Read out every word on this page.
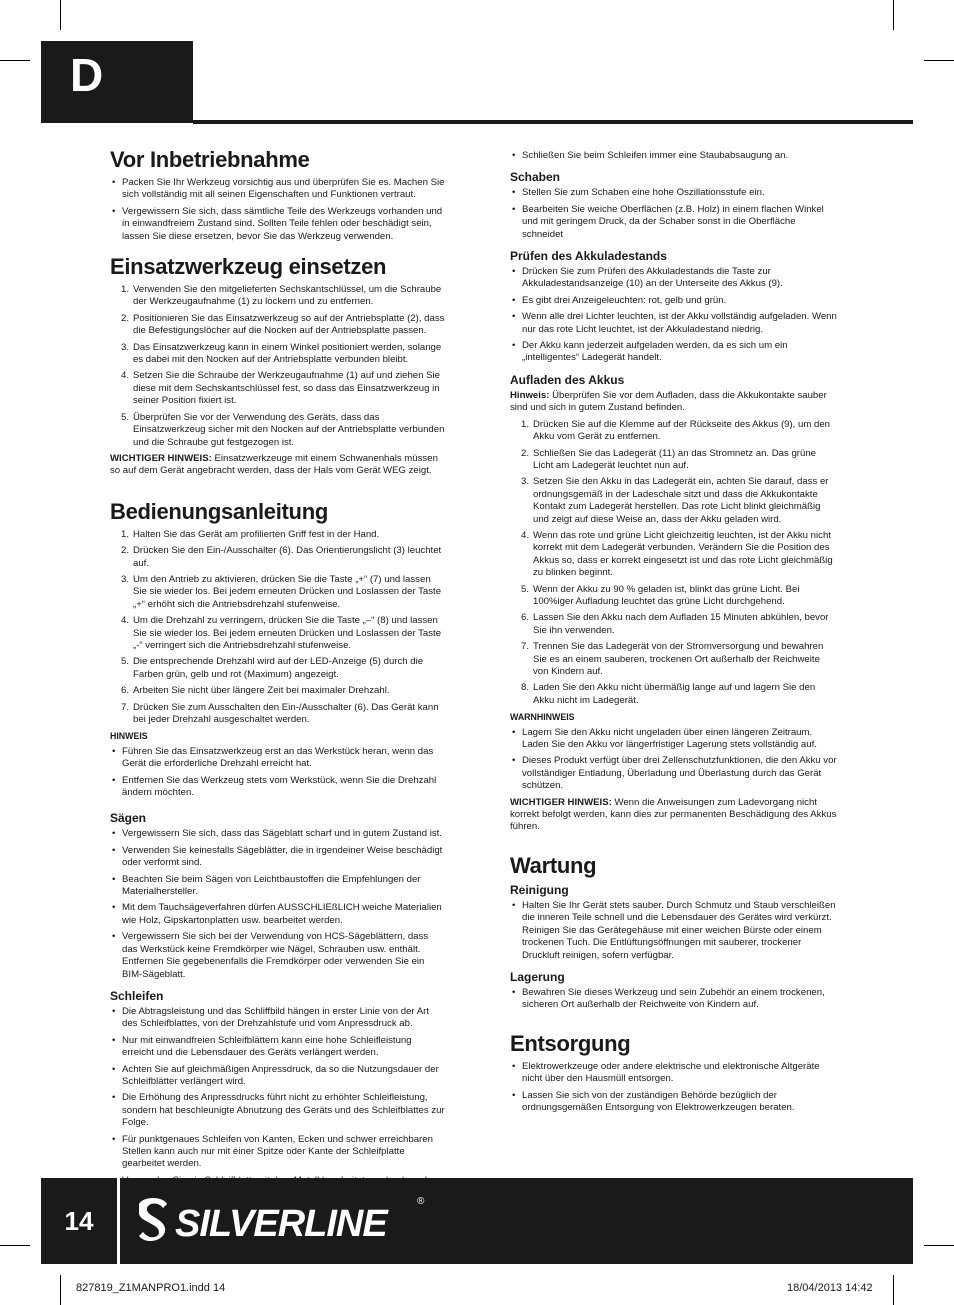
D
Vor Inbetriebnahme
• Packen Sie Ihr Werkzeug vorsichtig aus und überprüfen Sie es. Machen Sie sich vollständig mit all seinen Eigenschaften und Funktionen vertraut.
• Vergewissern Sie sich, dass sämtliche Teile des Werkzeugs vorhanden und in einwandfreiem Zustand sind. Sollten Teile fehlen oder beschädigt sein, lassen Sie diese ersetzen, bevor Sie das Werkzeug verwenden.
Einsatzwerkzeug einsetzen
1. Verwenden Sie den mitgelieferten Sechskantschlüssel, um die Schraube der Werkzeugaufnahme (1) zu lockern und zu entfernen.
2. Positionieren Sie das Einsatzwerkzeug so auf der Antriebsplatte (2), dass die Befestigungslöcher auf die Nocken auf der Antriebsplatte passen.
3. Das Einsatzwerkzeug kann in einem Winkel positioniert werden, solange es dabei mit den Nocken auf der Antriebsplatte verbunden bleibt.
4. Setzen Sie die Schraube der Werkzeugaufnahme (1) auf und ziehen Sie diese mit dem Sechskantschlüssel fest, so dass das Einsatzwerkzeug in seiner Position fixiert ist.
5. Überprüfen Sie vor der Verwendung des Geräts, dass das Einsatzwerkzeug sicher mit den Nocken auf der Antriebsplatte verbunden und die Schraube gut festgezogen ist.

WICHTIGER HINWEIS: Einsatzwerkzeuge mit einem Schwanenhals müssen so auf dem Gerät angebracht werden, dass der Hals vom Gerät WEG zeigt.

Bedienungsanleitung
1. Halten Sie das Gerät am profilierten Griff fest in der Hand.
2. Drücken Sie den Ein-/Ausschalter (6). Das Orientierungslicht (3) leuchtet auf.
3. Um den Antrieb zu aktivieren, drücken Sie die Taste „+“ (7) und lassen Sie sie wieder los. Bei jedem erneuten Drücken und Loslassen der Taste „+“ erhöht sich die Antriebsdrehzahl stufenweise.
4. Um die Drehzahl zu verringern, drücken Sie die Taste „–“ (8) und lassen Sie sie wieder los. Bei jedem erneuten Drücken und Loslassen der Taste „-“ verringert sich die Antriebsdrehzahl stufenweise.
5. Die entsprechende Drehzahl wird auf der LED-Anzeige (5) durch die Farben grün, gelb und rot (Maximum) angezeigt.
6. Arbeiten Sie nicht über längere Zeit bei maximaler Drehzahl.
7. Drücken Sie zum Ausschalten den Ein-/Ausschalter (6). Das Gerät kann bei jeder Drehzahl ausgeschaltet werden.
HINWEIS
• Führen Sie das Einsatzwerkzeug erst an das Werkstück heran, wenn das Gerät die erforderliche Drehzahl erreicht hat.
• Entfernen Sie das Werkzeug stets vom Werkstück, wenn Sie die Drehzahl ändern möchten.
Sägen
• Vergewissern Sie sich, dass das Sägeblatt scharf und in gutem Zustand ist.
• Verwenden Sie keinesfalls Sägeblätter, die in irgendeiner Weise beschädigt oder verformt sind.
• Beachten Sie beim Sägen von Leichtbaustoffen die Empfehlungen der Materialhersteller.
• Mit dem Tauchsägeverfahren dürfen AUSSCHLIEßLICH weiche Materialien wie Holz, Gipskartonplatten usw. bearbeitet werden.
• Vergewissern Sie sich bei der Verwendung von HCS-Sägeblättern, dass das Werkstück keine Fremdkörper wie Nägel, Schrauben usw. enthält. Entfernen Sie gegebenenfalls die Fremdkörper oder verwenden Sie ein BIM-Sägeblatt.
Schleifen
• Die Abtragsleistung und das Schliffbild hängen in erster Linie von der Art des Schleifblattes, von der Drehzahlstufe und vom Anpressdruck ab.
• Nur mit einwandfreien Schleifblättern kann eine hohe Schleifleistung erreicht und die Lebensdauer des Geräts verlängert werden.
• Achten Sie auf gleichmäßigen Anpressdruck, da so die Nutzungsdauer der Schleifblätter verlängert wird.
• Die Erhöhung des Anpressdrucks führt nicht zu erhöhter Schleifleistung, sondern hat beschleunigte Abnutzung des Geräts und des Schleifblattes zur Folge.
• Für punktgenaues Schleifen von Kanten, Ecken und schwer erreichbaren Stellen kann auch nur mit einer Spitze oder Kante der Schleifplatte gearbeitet werden.
•
• Schließen Sie beim Schleifen immer eine Staubabsaugung an.
Schaben
• Stellen Sie zum Schaben eine hohe Oszillationsstufe ein.
• Bearbeiten Sie weiche Oberflächen (z.B. Holz) in einem flachen Winkel und mit geringem Druck, da der Schaber sonst in die Oberfläche schneidet
Prüfen des Akkuladestands
• Drücken Sie zum Prüfen des Akkuladestands die Taste zur Akkuladestandsanzeige (10) an der Unterseite des Akkus (9).
• Es gibt drei Anzeigeleuchten: rot, gelb und grün.
• Wenn alle drei Lichter leuchten, ist der Akku vollständig aufgeladen. Wenn nur das rote Licht leuchtet, ist der Akkuladestand niedrig.
• Der Akku kann jederzeit aufgeladen werden, da es sich um ein „intelligentes“ Ladegerät handelt.
Aufladen des Akkus

Hinweis: Überprüfen Sie vor dem Aufladen, dass die Akkukontakte sauber sind und sich in gutem Zustand befinden.

1. Drücken Sie auf die Klemme auf der Rückseite des Akkus (9), um den Akku vom Gerät zu entfernen.
2. Schließen Sie das Ladegerät (11) an das Stromnetz an. Das grüne Licht am Ladegerät leuchtet nun auf.
3. Setzen Sie den Akku in das Ladegerät ein, achten Sie darauf, dass er ordnungsgemäß in der Ladeschale sitzt und dass die Akkukontakte Kontakt zum Ladegerät herstellen. Das rote Licht blinkt gleichmäßig und zeigt auf diese Weise an, dass der Akku geladen wird.
4. Wenn das rote und grüne Licht gleichzeitig leuchten, ist der Akku nicht korrekt mit dem Ladegerät verbunden. Verändern Sie die Position des Akkus so, dass er korrekt eingesetzt ist und das rote Licht gleichmäßig zu blinken beginnt.
5. Wenn der Akku zu 90 % geladen ist, blinkt das grüne Licht. Bei 100%iger Aufladung leuchtet das grüne Licht durchgehend.
6. Lassen Sie den Akku nach dem Aufladen 15 Minuten abkühlen, bevor Sie ihn verwenden.
7. Trennen Sie das Ladegerät von der Stromversorgung und bewahren Sie es an einem sauberen, trockenen Ort außerhalb der Reichweite von Kindern auf.
8. Laden Sie den Akku nicht übermäßig lange auf und lagern Sie den Akku nicht im Ladegerät.
WARNHINWEIS
• Lagern Sie den Akku nicht ungeladen über einen längeren Zeitraum. Laden Sie den Akku vor längerfristiger Lagerung stets vollständig auf.
• Dieses Produkt verfügt über drei Zellenschutzfunktionen, die den Akku vor vollständiger Entladung, Überladung und Überlastung durch das Gerät schützen.

WICHTIGER HINWEIS: Wenn die Anweisungen zum Ladevorgang nicht korrekt befolgt werden, kann dies zur permanenten Beschädigung des Akkus führen.

Wartung
Reinigung
• Halten Sie Ihr Gerät stets sauber. Durch Schmutz und Staub verschleißen die inneren Teile schnell und die Lebensdauer des Gerätes wird verkürzt. Reinigen Sie das Gerätegehäuse mit einer weichen Bürste oder einem trockenen Tuch. Die Entlüftungsöffnungen mit sauberer, trockener Druckluft reinigen, sofern verfügbar.
Lagerung
• Bewahren Sie dieses Werkzeug und sein Zubehör an einem trockenen, sicheren Ort außerhalb der Reichweite von Kindern auf.
Entsorgung
• Elektrowerkzeuge oder andere elektrische und elektronische Altgeräte nicht über den Hausmüll entsorgen.
• Lassen Sie sich von der zuständigen Behörde bezüglich der ordnungsgemäßen Entsorgung von Elektrowerkzeugen beraten.
14	SILVERLINE
®
827819_Z1MANPRO1.indd 14	18/04/2013 14:42
